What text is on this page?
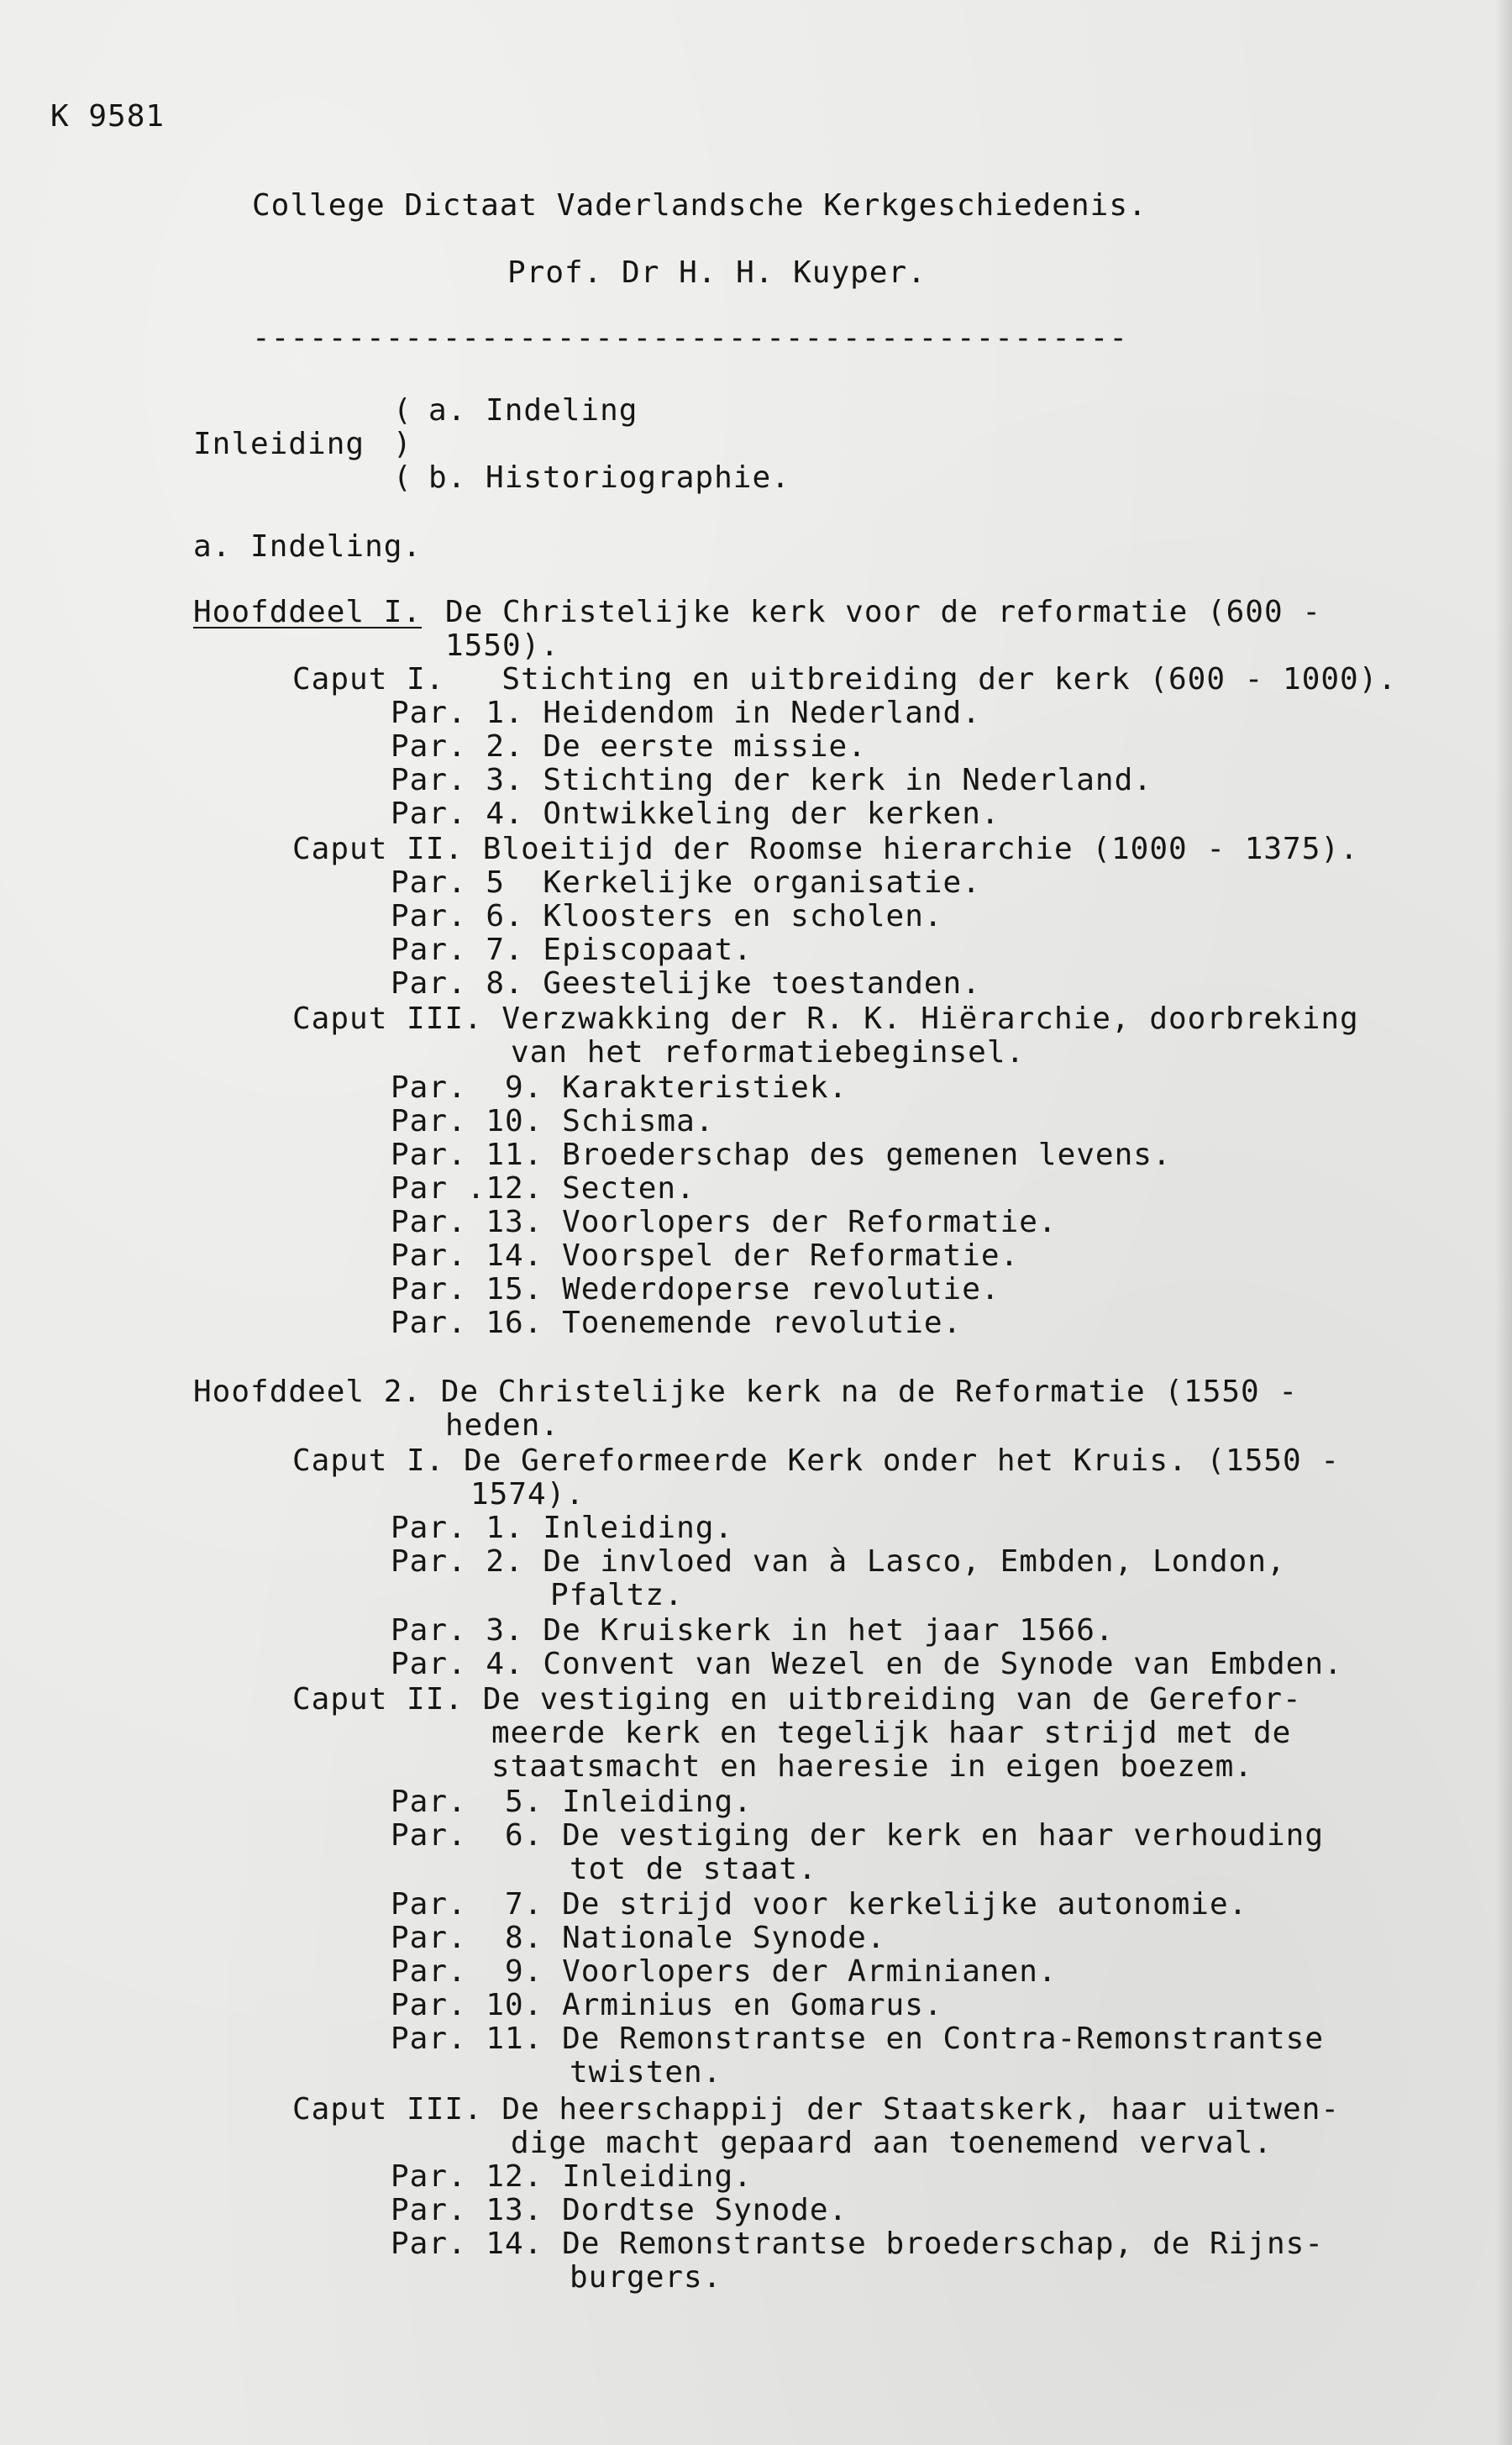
K 9581
College Dictaat Vaderlandsche Kerkgeschiedenis.
Prof. Dr H. H. Kuyper.
----------------------------------------------
( a. Indeling
Inleiding )
( b. Historiographie.
a. Indeling.
Hoofddeel I. De Christelijke kerk voor de reformatie (600 -
1550).
Caput I.   Stichting en uitbreiding der kerk (600 - 1000).
Par. 1. Heidendom in Nederland.
Par. 2. De eerste missie.
Par. 3. Stichting der kerk in Nederland.
Par. 4. Ontwikkeling der kerken.
Caput II. Bloeitijd der Roomse hierarchie (1000 - 1375).
Par. 5  Kerkelijke organisatie.
Par. 6. Kloosters en scholen.
Par. 7. Episcopaat.
Par. 8. Geestelijke toestanden.
Caput III. Verzwakking der R. K. Hiërarchie, doorbreking
van het reformatiebeginsel.
Par.  9. Karakteristiek.
Par. 10. Schisma.
Par. 11. Broederschap des gemenen levens.
Par .12. Secten.
Par. 13. Voorlopers der Reformatie.
Par. 14. Voorspel der Reformatie.
Par. 15. Wederdoperse revolutie.
Par. 16. Toenemende revolutie.
Hoofddeel 2. De Christelijke kerk na de Reformatie (1550 -
heden.
Caput I. De Gereformeerde Kerk onder het Kruis. (1550 -
1574).
Par. 1. Inleiding.
Par. 2. De invloed van à Lasco, Embden, London,
Pfaltz.
Par. 3. De Kruiskerk in het jaar 1566.
Par. 4. Convent van Wezel en de Synode van Embden.
Caput II. De vestiging en uitbreiding van de Gerefor-
meerde kerk en tegelijk haar strijd met de
staatsmacht en haeresie in eigen boezem.
Par.  5. Inleiding.
Par.  6. De vestiging der kerk en haar verhouding
tot de staat.
Par.  7. De strijd voor kerkelijke autonomie.
Par.  8. Nationale Synode.
Par.  9. Voorlopers der Arminianen.
Par. 10. Arminius en Gomarus.
Par. 11. De Remonstrantse en Contra-Remonstrantse
twisten.
Caput III. De heerschappij der Staatskerk, haar uitwen-
dige macht gepaard aan toenemend verval.
Par. 12. Inleiding.
Par. 13. Dordtse Synode.
Par. 14. De Remonstrantse broederschap, de Rijns-
burgers.
